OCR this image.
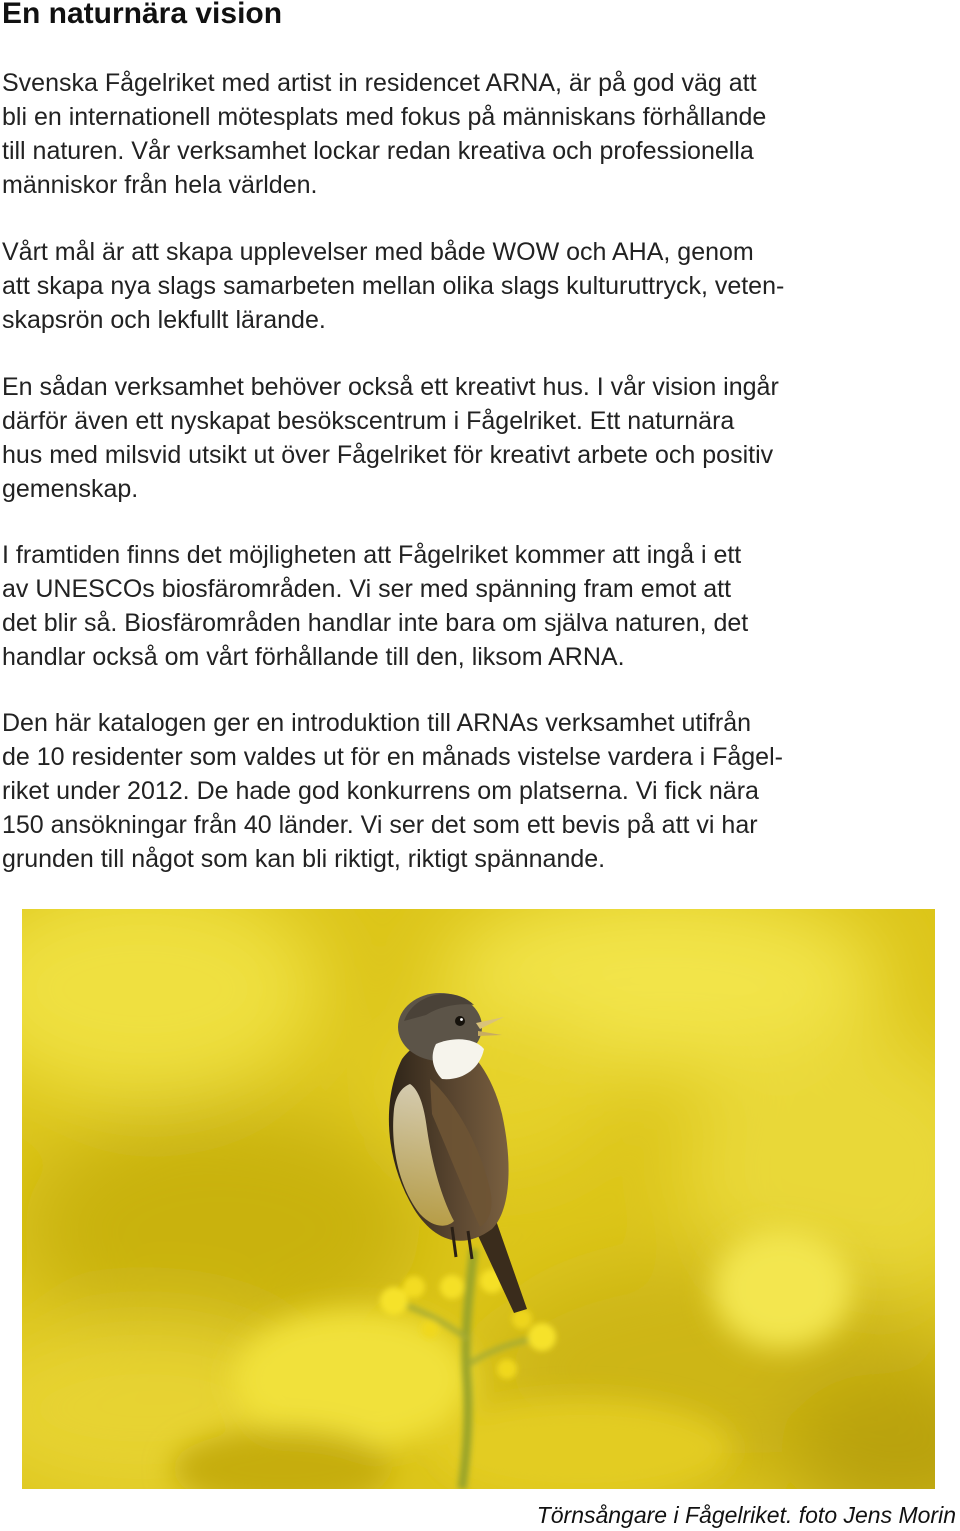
En naturnära vision
Svenska Fågelriket med artist in residencet ARNA, är på god väg att
bli en internationell mötesplats med fokus på människans förhållande
till naturen. Vår verksamhet lockar redan kreativa och professionella
människor från hela världen.
Vårt mål är att skapa upplevelser med både WOW och AHA, genom
att skapa nya slags samarbeten mellan olika slags kulturuttryck, veten-
skapsrön och lekfullt lärande.
En sådan verksamhet behöver också ett kreativt hus. I vår vision ingår
därför även ett nyskapat besökscentrum i Fågelriket. Ett naturnära
hus med milsvid utsikt ut över Fågelriket för kreativt arbete och positiv
gemenskap.
I framtiden finns det möjligheten att Fågelriket kommer att ingå i ett
av UNESCOs biosfärområden. Vi ser med spänning fram emot att
det blir så. Biosfärområden handlar inte bara om själva naturen, det
handlar också om vårt förhållande till den, liksom ARNA.
Den här katalogen ger en introduktion till ARNAs verksamhet utifrån
de 10 residenter som valdes ut för en månads vistelse vardera i Fågel-
riket under 2012. De hade god konkurrens om platserna. Vi fick nära
150 ansökningar från 40 länder. Vi ser det som ett bevis på att vi har
grunden till något som kan bli riktigt, riktigt spännande.
Törnsångare i Fågelriket. foto Jens Morin
